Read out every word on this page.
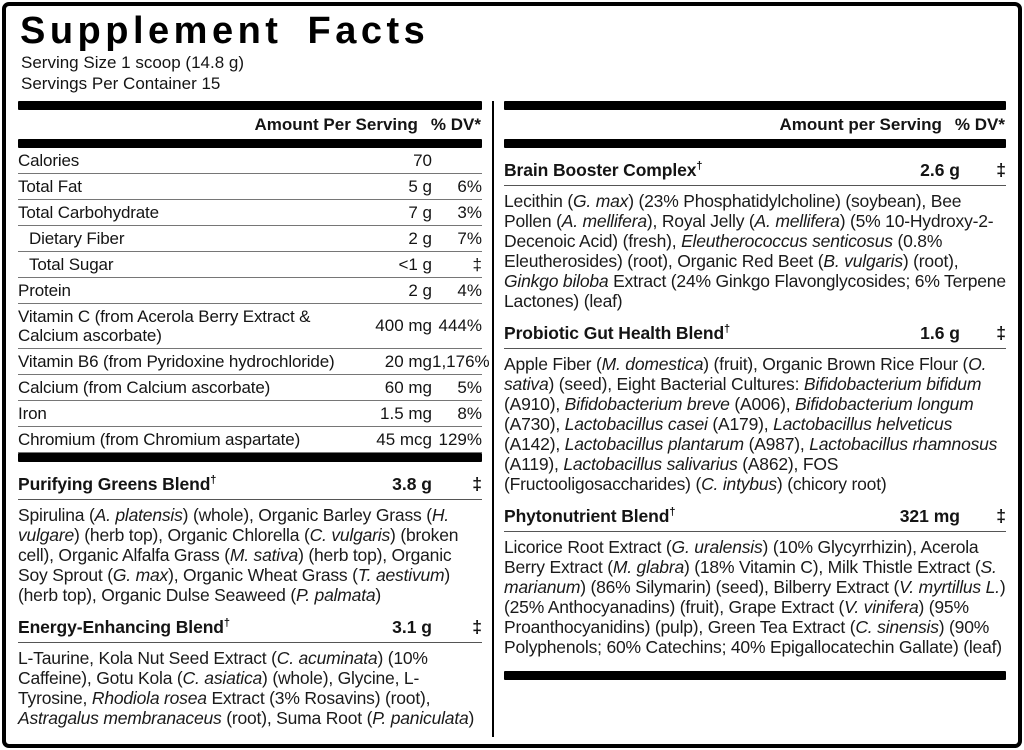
Supplement Facts
Serving Size 1 scoop (14.8 g)
Servings Per Container 15
Amount Per Serving % DV*
Calories	70
Total Fat	5 g	6%
Total Carbohydrate	7 g	3%
Dietary Fiber	2 g	7%
Total Sugar	<1 g	‡
Protein	2 g	4%
Vitamin C (from Acerola Berry Extract & Calcium ascorbate)
400 mg 444%
Vitamin B6 (from Pyridoxine hydrochloride)	20 mg 1,176%
Calcium (from Calcium ascorbate)	60 mg	5%
Iron	1.5 mg	8%
Chromium (from Chromium aspartate)	45 mcg 129%
Purifying Greens Blend†	3.8 g	‡

Spirulina (A. platensis) (whole), Organic Barley Grass (H. vulgare) (herb top), Organic Chlorella (C. vulgaris) (broken cell), Organic Alfalfa Grass (M. sativa) (herb top), Organic Soy Sprout (G. max), Organic Wheat Grass (T. aestivum) (herb top), Organic Dulse Seaweed (P. palmata)

Energy-Enhancing Blend†	3.1 g	‡

L-Taurine, Kola Nut Seed Extract (C. acuminata) (10% Caffeine), Gotu Kola (C. asiatica) (whole), Glycine, L-Tyrosine, Rhodiola rosea Extract (3% Rosavins) (root), Astragalus membranaceus (root), Suma Root (P. paniculata)

Amount per Serving % DV*
Brain Booster Complex†	2.6 g	‡

Lecithin (G. max) (23% Phosphatidylcholine) (soybean), Bee Pollen (A. mellifera), Royal Jelly (A. mellifera) (5% 10-Hydroxy-2-Decenoic Acid) (fresh), Eleutherococcus senticosus (0.8% Eleutherosides) (root), Organic Red Beet (B. vulgaris) (root), Ginkgo biloba Extract (24% Ginkgo Flavonglycosides; 6% Terpene Lactones) (leaf)

Probiotic Gut Health Blend†	1.6 g	‡

Apple Fiber (M. domestica) (fruit), Organic Brown Rice Flour (O. sativa) (seed), Eight Bacterial Cultures: Bifidobacterium bifidum (A910), Bifidobacterium breve (A006), Bifidobacterium longum (A730), Lactobacillus casei (A179), Lactobacillus helveticus (A142), Lactobacillus plantarum (A987), Lactobacillus rhamnosus (A119), Lactobacillus salivarius (A862), FOS (Fructooligosaccharides) (C. intybus) (chicory root)

Phytonutrient Blend†	321 mg	‡

Licorice Root Extract (G. uralensis) (10% Glycyrrhizin), Acerola Berry Extract (M. glabra) (18% Vitamin C), Milk Thistle Extract (S. marianum) (86% Silymarin) (seed), Bilberry Extract (V. myrtillus L.) (25% Anthocyanadins) (fruit), Grape Extract (V. vinifera) (95% Proanthocyanidins) (pulp), Green Tea Extract (C. sinensis) (90% Polyphenols; 60% Catechins; 40% Epigallocatechin Gallate) (leaf)
